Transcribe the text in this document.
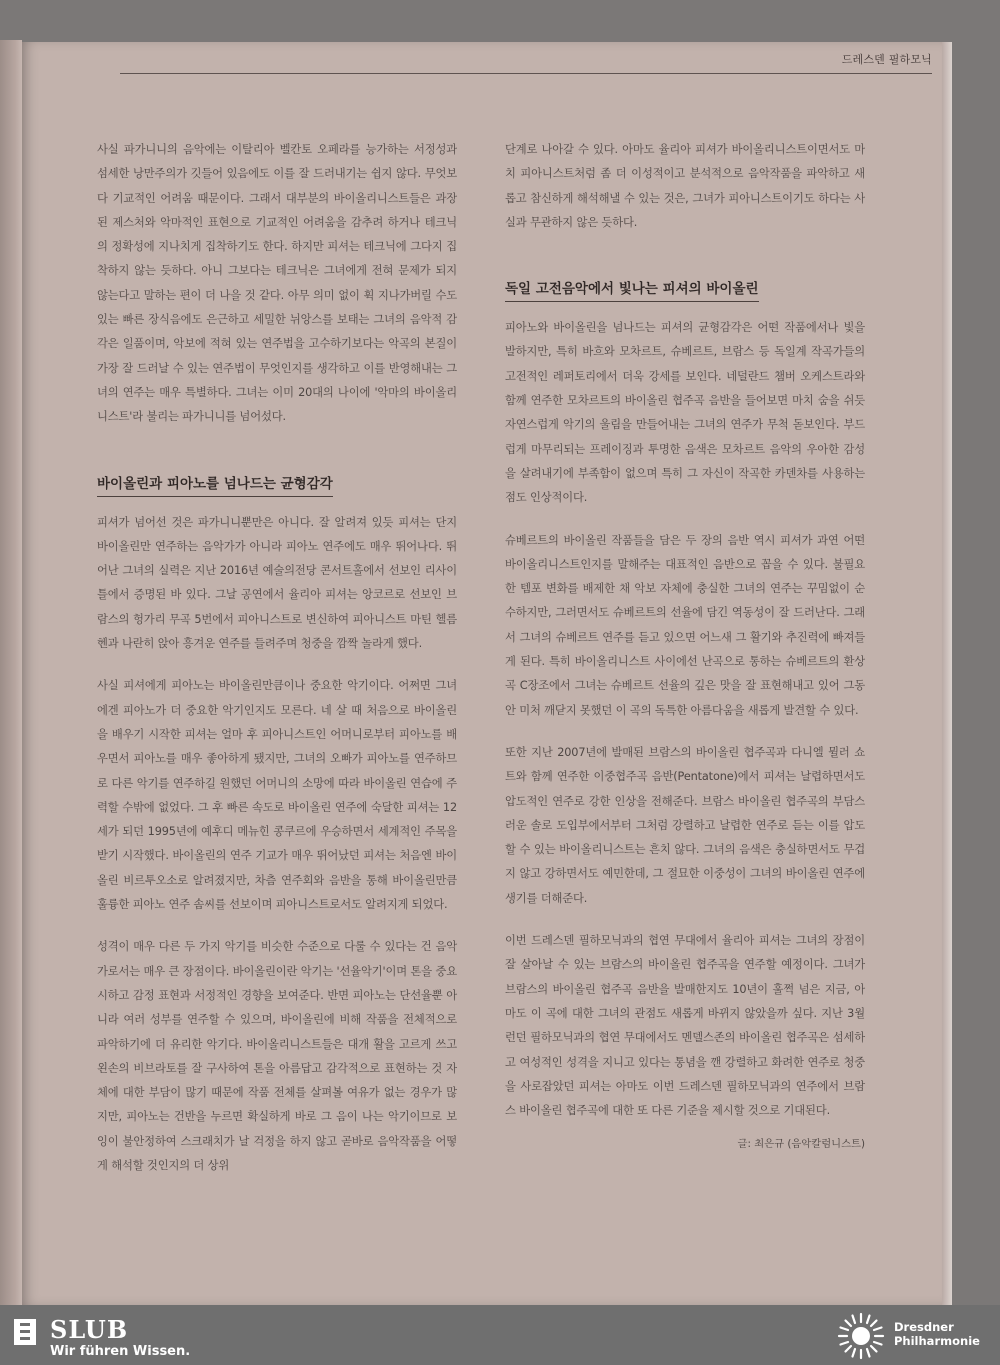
드레스덴 필하모닉

사실 파가니니의 음악에는 이탈리아 벨칸토 오페라를 능가하는 서정성과 섬세한 낭만주의가 깃들어 있음에도 이를 잘 드러내기는 쉽지 않다. 무엇보다 기교적인 어려움 때문이다. 그래서 대부분의 바이올리니스트들은 과장된 제스처와 악마적인 표현으로 기교적인 어려움을 감추려 하거나 테크닉의 정확성에 지나치게 집착하기도 한다. 하지만 피셔는 테크닉에 그다지 집착하지 않는 듯하다. 아니 그보다는 테크닉은 그녀에게 전혀 문제가 되지 않는다고 말하는 편이 더 나을 것 같다. 아무 의미 없이 휙 지나가버릴 수도 있는 빠른 장식음에도 은근하고 세밀한 뉘앙스를 보태는 그녀의 음악적 감각은 일품이며, 악보에 적혀 있는 연주법을 고수하기보다는 악곡의 본질이 가장 잘 드러날 수 있는 연주법이 무엇인지를 생각하고 이를 반영해내는 그녀의 연주는 매우 특별하다. 그녀는 이미 20대의 나이에 '악마의 바이올리니스트'라 불리는 파가니니를 넘어섰다.

바이올린과 피아노를 넘나드는 균형감각

피셔가 넘어선 것은 파가니니뿐만은 아니다. 잘 알려져 있듯 피셔는 단지 바이올린만 연주하는 음악가가 아니라 피아노 연주에도 매우 뛰어나다. 뛰어난 그녀의 실력은 지난 2016년 예술의전당 콘서트홀에서 선보인 리사이틀에서 증명된 바 있다. 그날 공연에서 율리아 피셔는 앙코르로 선보인 브람스의 헝가리 무곡 5번에서 피아니스트로 변신하여 피아니스트 마틴 헬름헨과 나란히 앉아 흥겨운 연주를 들려주며 청중을 깜짝 놀라게 했다.

사실 피셔에게 피아노는 바이올린만큼이나 중요한 악기이다. 어쩌면 그녀에겐 피아노가 더 중요한 악기인지도 모른다. 네 살 때 처음으로 바이올린을 배우기 시작한 피셔는 얼마 후 피아니스트인 어머니로부터 피아노를 배우면서 피아노를 매우 좋아하게 됐지만, 그녀의 오빠가 피아노를 연주하므로 다른 악기를 연주하길 원했던 어머니의 소망에 따라 바이올린 연습에 주력할 수밖에 없었다. 그 후 빠른 속도로 바이올린 연주에 숙달한 피셔는 12세가 되던 1995년에 예후디 메뉴힌 콩쿠르에 우승하면서 세계적인 주목을 받기 시작했다. 바이올린의 연주 기교가 매우 뛰어났던 피셔는 처음엔 바이올린 비르투오소로 알려졌지만, 차츰 연주회와 음반을 통해 바이올린만큼 훌륭한 피아노 연주 솜씨를 선보이며 피아니스트로서도 알려지게 되었다.

성격이 매우 다른 두 가지 악기를 비슷한 수준으로 다룰 수 있다는 건 음악가로서는 매우 큰 장점이다. 바이올린이란 악기는 '선율악기'이며 톤을 중요시하고 감정 표현과 서정적인 경향을 보여준다. 반면 피아노는 단선율뿐 아니라 여러 성부를 연주할 수 있으며, 바이올린에 비해 작품을 전체적으로 파악하기에 더 유리한 악기다. 바이올리니스트들은 대개 활을 고르게 쓰고 왼손의 비브라토를 잘 구사하여 톤을 아름답고 감각적으로 표현하는 것 자체에 대한 부담이 많기 때문에 작품 전체를 살펴볼 여유가 없는 경우가 많지만, 피아노는 건반을 누르면 확실하게 바로 그 음이 나는 악기이므로 보잉이 불안정하여 스크래치가 날 걱정을 하지 않고 곧바로 음악작품을 어떻게 해석할 것인지의 더 상위

단계로 나아갈 수 있다. 아마도 율리아 피셔가 바이올리니스트이면서도 마치 피아니스트처럼 좀 더 이성적이고 분석적으로 음악작품을 파악하고 새롭고 참신하게 해석해낼 수 있는 것은, 그녀가 피아니스트이기도 하다는 사실과 무관하지 않은 듯하다.

독일 고전음악에서 빛나는 피셔의 바이올린

피아노와 바이올린을 넘나드는 피셔의 균형감각은 어떤 작품에서나 빛을 발하지만, 특히 바흐와 모차르트, 슈베르트, 브람스 등 독일계 작곡가들의 고전적인 레퍼토리에서 더욱 강세를 보인다. 네덜란드 챔버 오케스트라와 함께 연주한 모차르트의 바이올린 협주곡 음반을 들어보면 마치 숨을 쉬듯 자연스럽게 악기의 울림을 만들어내는 그녀의 연주가 무척 돋보인다. 부드럽게 마무리되는 프레이징과 투명한 음색은 모차르트 음악의 우아한 감성을 살려내기에 부족함이 없으며 특히 그 자신이 작곡한 카덴차를 사용하는 점도 인상적이다.

슈베르트의 바이올린 작품들을 담은 두 장의 음반 역시 피셔가 과연 어떤 바이올리니스트인지를 말해주는 대표적인 음반으로 꼽을 수 있다. 불필요한 템포 변화를 배제한 채 악보 자체에 충실한 그녀의 연주는 꾸밈없이 순수하지만, 그러면서도 슈베르트의 선율에 담긴 역동성이 잘 드러난다. 그래서 그녀의 슈베르트 연주를 듣고 있으면 어느새 그 활기와 추진력에 빠져들게 된다. 특히 바이올리니스트 사이에선 난곡으로 통하는 슈베르트의 환상곡 C장조에서 그녀는 슈베르트 선율의 깊은 맛을 잘 표현해내고 있어 그동안 미처 깨닫지 못했던 이 곡의 독특한 아름다움을 새롭게 발견할 수 있다.

또한 지난 2007년에 발매된 브람스의 바이올린 협주곡과 다니엘 뮐러 쇼트와 함께 연주한 이중협주곡 음반(Pentatone)에서 피셔는 날렵하면서도 압도적인 연주로 강한 인상을 전해준다. 브람스 바이올린 협주곡의 부담스러운 솔로 도입부에서부터 그처럼 강렬하고 날렵한 연주로 듣는 이를 압도할 수 있는 바이올리니스트는 흔치 않다. 그녀의 음색은 충실하면서도 무겁지 않고 강하면서도 예민한데, 그 절묘한 이중성이 그녀의 바이올린 연주에 생기를 더해준다.

이번 드레스덴 필하모닉과의 협연 무대에서 율리아 피셔는 그녀의 장점이 잘 살아날 수 있는 브람스의 바이올린 협주곡을 연주할 예정이다. 그녀가 브람스의 바이올린 협주곡 음반을 발매한지도 10년이 훌쩍 넘은 지금, 아마도 이 곡에 대한 그녀의 관점도 새롭게 바뀌지 않았을까 싶다. 지난 3월 런던 필하모닉과의 협연 무대에서도 멘델스존의 바이올린 협주곡은 섬세하고 여성적인 성격을 지니고 있다는 통념을 깬 강렬하고 화려한 연주로 청중을 사로잡았던 피셔는 아마도 이번 드레스덴 필하모닉과의 연주에서 브람스 바이올린 협주곡에 대한 또 다른 기준을 제시할 것으로 기대된다.

글: 최은규 (음악칼럼니스트)
SLUB
Wir führen Wissen.
Dresdner
Philharmonie
